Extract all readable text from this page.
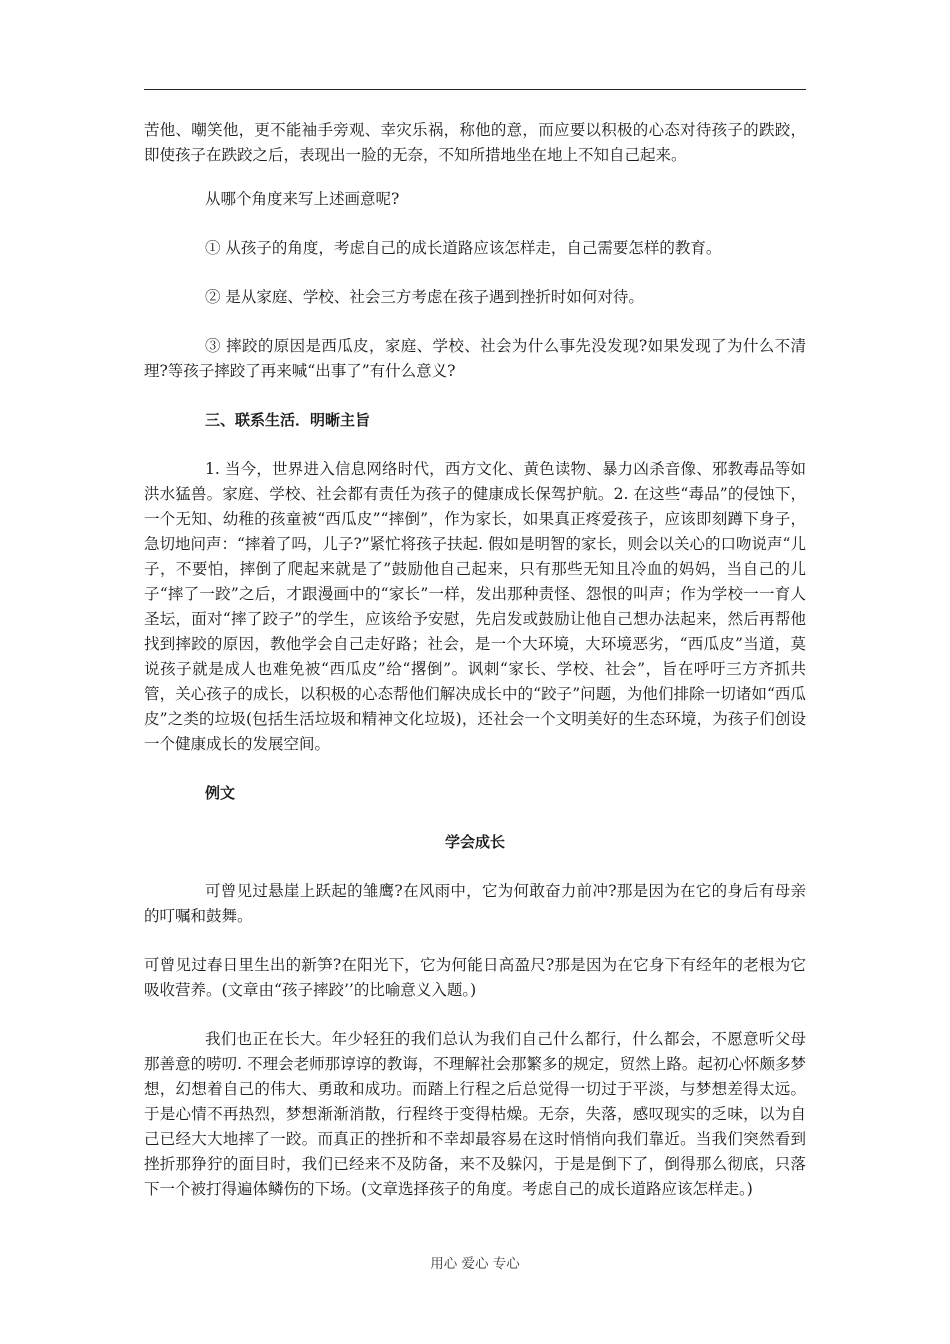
苦他、嘲笑他，更不能袖手旁观、幸灾乐祸，称他的意，而应要以积极的心态对待孩子的跌跤，即使孩子在跌跤之后，表现出一脸的无奈，不知所措地坐在地上不知自己起来。

从哪个角度来写上述画意呢?

① 从孩子的角度，考虑自己的成长道路应该怎样走，自己需要怎样的教育。

② 是从家庭、学校、社会三方考虑在孩子遇到挫折时如何对待。

③ 摔跤的原因是西瓜皮，家庭、学校、社会为什么事先没发现?如果发现了为什么不清理?等孩子摔跤了再来喊“出事了”有什么意义?

三、联系生活．明晰主旨

1. 当今，世界进入信息网络时代，西方文化、黄色读物、暴力凶杀音像、邪教毒品等如洪水猛兽。家庭、学校、社会都有责任为孩子的健康成长保驾护航。2. 在这些“毒品”的侵蚀下，一个无知、幼稚的孩童被“西瓜皮”“摔倒”，作为家长，如果真正疼爱孩子，应该即刻蹲下身子，急切地问声：“摔着了吗，儿子?”紧忙将孩子扶起. 假如是明智的家长，则会以关心的口吻说声“儿子，不要怕，摔倒了爬起来就是了”鼓励他自己起来，只有那些无知且冷血的妈妈，当自己的儿子“摔了一跤”之后，才跟漫画中的“家长”一样，发出那种责怪、怨恨的叫声；作为学校一一育人圣坛，面对“摔了跤子”的学生，应该给予安慰，先启发或鼓励让他自己想办法起来，然后再帮他找到摔跤的原因，教他学会自己走好路；社会，是一个大环境，大环境恶劣，“西瓜皮”当道，莫说孩子就是成人也难免被“西瓜皮”给“撂倒”。讽刺“家长、学校、社会”，旨在呼吁三方齐抓共管，关心孩子的成长，以积极的心态帮他们解决成长中的“跤子”问题，为他们排除一切诸如“西瓜皮”之类的垃圾(包括生活垃圾和精神文化垃圾)，还社会一个文明美好的生态环境，为孩子们创设一个健康成长的发展空间。

例文

学会成长

可曾见过悬崖上跃起的雏鹰?在风雨中，它为何敢奋力前冲?那是因为在它的身后有母亲的叮嘱和鼓舞。

可曾见过春日里生出的新笋?在阳光下，它为何能日高盈尺?那是因为在它身下有经年的老根为它吸收营养。(文章由“孩子摔跤’’的比喻意义入题。)

我们也正在长大。年少轻狂的我们总认为我们自己什么都行，什么都会，不愿意听父母那善意的唠叨. 不理会老师那谆谆的教诲，不理解社会那繁多的规定，贸然上路。起初心怀颇多梦想，幻想着自己的伟大、勇敢和成功。而踏上行程之后总觉得一切过于平淡，与梦想差得太远。于是心情不再热烈，梦想渐渐消散，行程终于变得枯燥。无奈，失落，感叹现实的乏味，以为自己已经大大地摔了一跤。而真正的挫折和不幸却最容易在这时悄悄向我们靠近。当我们突然看到挫折那狰狞的面目时，我们已经来不及防备，来不及躲闪，于是是倒下了，倒得那么彻底，只落下一个被打得遍体鳞伤的下场。(文章选择孩子的角度。考虑自己的成长道路应该怎样走。)

用心 爱心 专心
